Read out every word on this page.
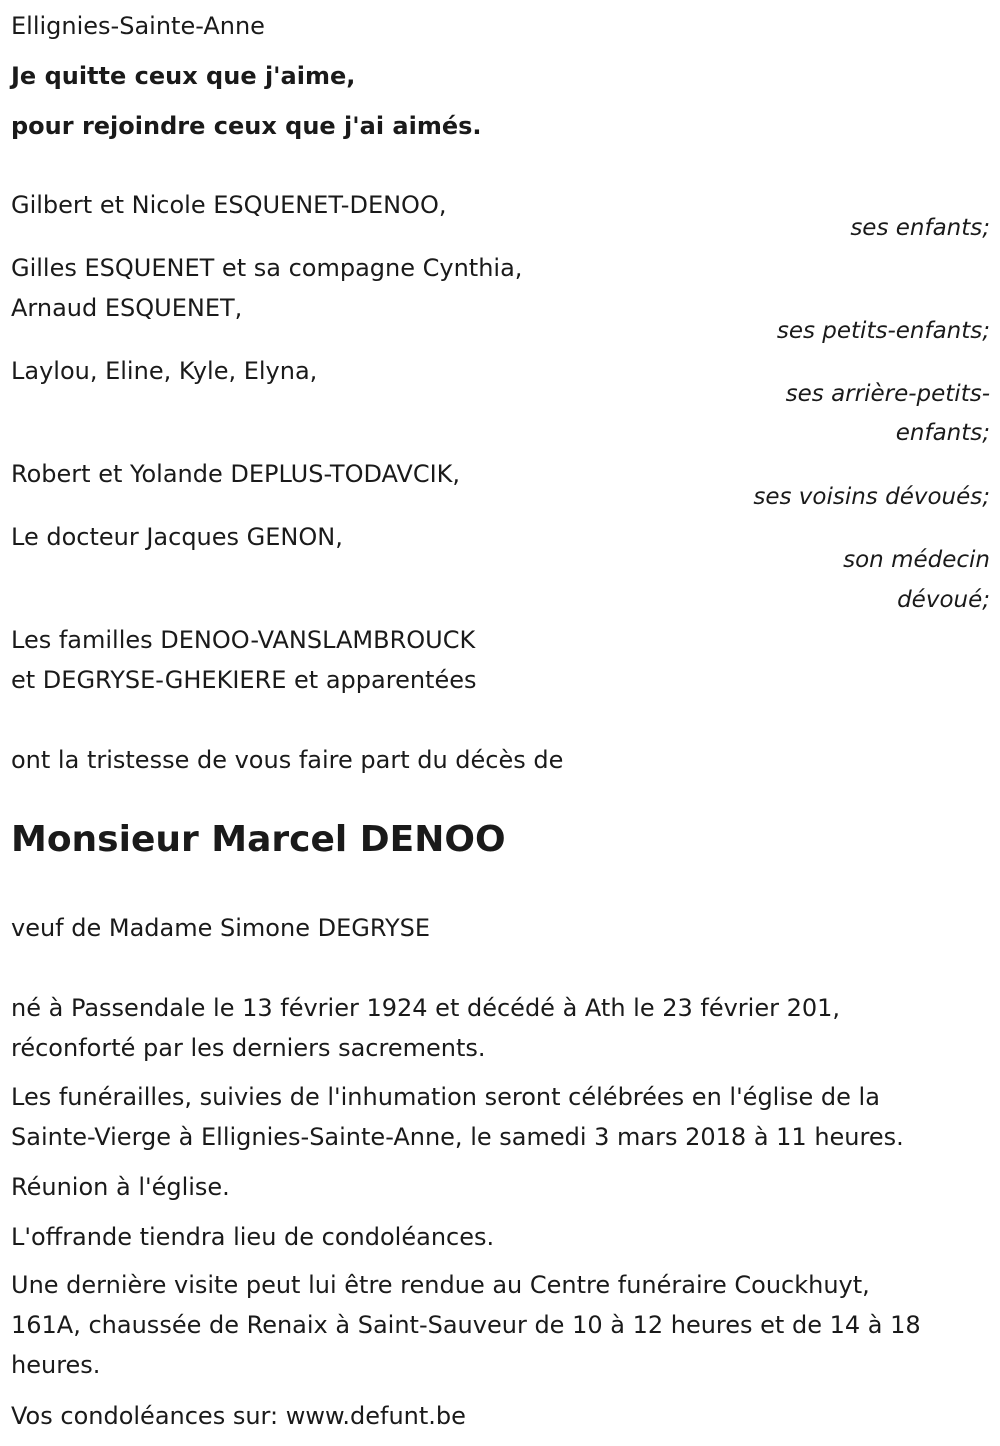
Ellignies-Sainte-Anne

Je quitte ceux que j'aime,

pour rejoindre ceux que j'ai aimés.

Gilbert et Nicole ESQUENET-DENOO,

ses enfants;

Gilles ESQUENET et sa compagne Cynthia,

Arnaud ESQUENET,

ses petits-enfants;

Laylou, Eline, Kyle, Elyna,

ses arrière-petits-

enfants;

Robert et Yolande DEPLUS-TODAVCIK,

ses voisins dévoués;

Le docteur Jacques GENON,

son médecin

dévoué;

Les familles DENOO-VANSLAMBROUCK

et DEGRYSE-GHEKIERE et apparentées

ont la tristesse de vous faire part du décès de

Monsieur Marcel DENOO

veuf de Madame Simone DEGRYSE

né à Passendale le 13 février 1924 et décédé à Ath le 23 février 201,

réconforté par les derniers sacrements.

Les funérailles, suivies de l'inhumation seront célébrées en l'église de la

Sainte-Vierge à Ellignies-Sainte-Anne, le samedi 3 mars 2018 à 11 heures.

Réunion à l'église.

L'offrande tiendra lieu de condoléances.

Une dernière visite peut lui être rendue au Centre funéraire Couckhuyt,

161A, chaussée de Renaix à Saint-Sauveur de 10 à 12 heures et de 14 à 18

heures.

Vos condoléances sur: www.defunt.be
